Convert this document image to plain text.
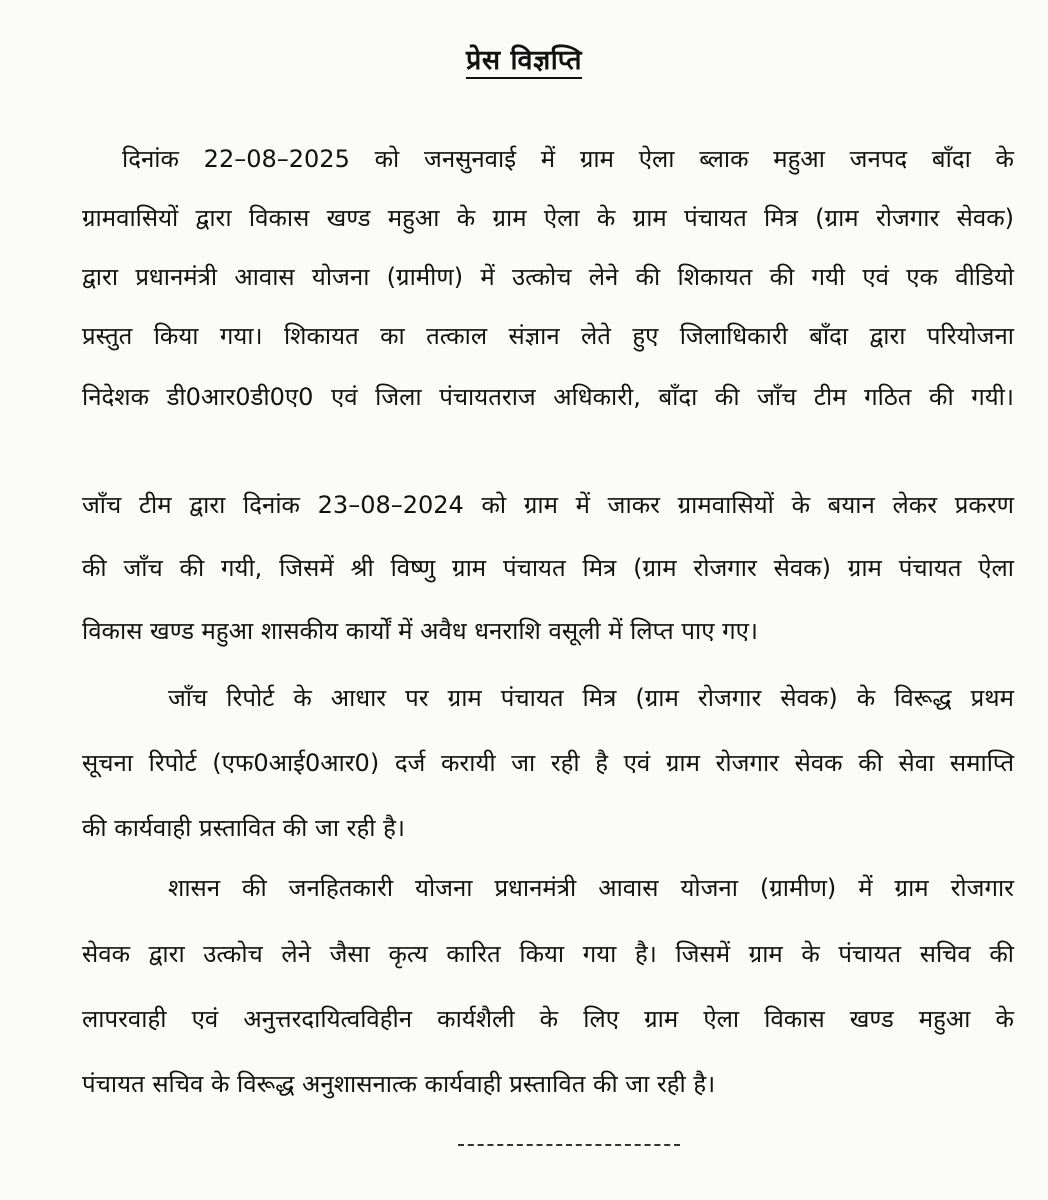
प्रेस विज्ञप्ति
दिनांक 22–08–2025 को जनसुनवाई में ग्राम ऐला ब्लाक महुआ जनपद बाँदा के
ग्रामवासियों द्वारा विकास खण्ड महुआ के ग्राम ऐला के ग्राम पंचायत मित्र (ग्राम रोजगार सेवक)
द्वारा प्रधानमंत्री आवास योजना (ग्रामीण) में उत्कोच लेने की शिकायत की गयी एवं एक वीडियो
प्रस्तुत किया गया। शिकायत का तत्काल संज्ञान लेते हुए जिलाधिकारी बाँदा द्वारा परियोजना
निदेशक डी0आर0डी0ए0 एवं जिला पंचायतराज अधिकारी, बाँदा की जाँच टीम गठित की गयी।
जाँच टीम द्वारा दिनांक 23–08–2024 को ग्राम में जाकर ग्रामवासियों के बयान लेकर प्रकरण
की जाँच की गयी, जिसमें श्री विष्णु ग्राम पंचायत मित्र (ग्राम रोजगार सेवक) ग्राम पंचायत ऐला
विकास खण्ड महुआ शासकीय कार्यों में अवैध धनराशि वसूली में लिप्त पाए गए।
जाँच रिपोर्ट के आधार पर ग्राम पंचायत मित्र (ग्राम रोजगार सेवक) के विरूद्ध प्रथम
सूचना रिपोर्ट (एफ0आई0आर0) दर्ज करायी जा रही है एवं ग्राम रोजगार सेवक की सेवा समाप्ति
की कार्यवाही प्रस्तावित की जा रही है।
शासन की जनहितकारी योजना प्रधानमंत्री आवास योजना (ग्रामीण) में ग्राम रोजगार
सेवक द्वारा उत्कोच लेने जैसा कृत्य कारित किया गया है। जिसमें ग्राम के पंचायत सचिव की
लापरवाही एवं अनुत्तरदायित्वविहीन कार्यशैली के लिए ग्राम ऐला विकास खण्ड महुआ के
पंचायत सचिव के विरूद्ध अनुशासनात्क कार्यवाही प्रस्तावित की जा रही है।
